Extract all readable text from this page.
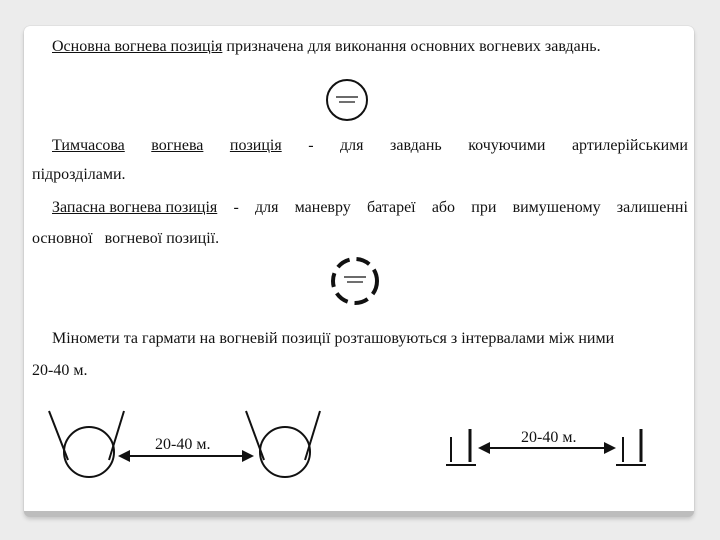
Основна вогнева позиція призначена для виконання основних вогневих завдань.
Тимчасова вогнева позиція - для завдань кочуючими артилерійськими
підрозділами.
Запасна вогнева позиція - для маневру батареї або при вимушеному залишенні
основної вогневої позиції.
Міномети та гармати на вогневій позиції розташовуються з інтервалами між ними
20-40 м.
20-40 м.	20-40 м.
